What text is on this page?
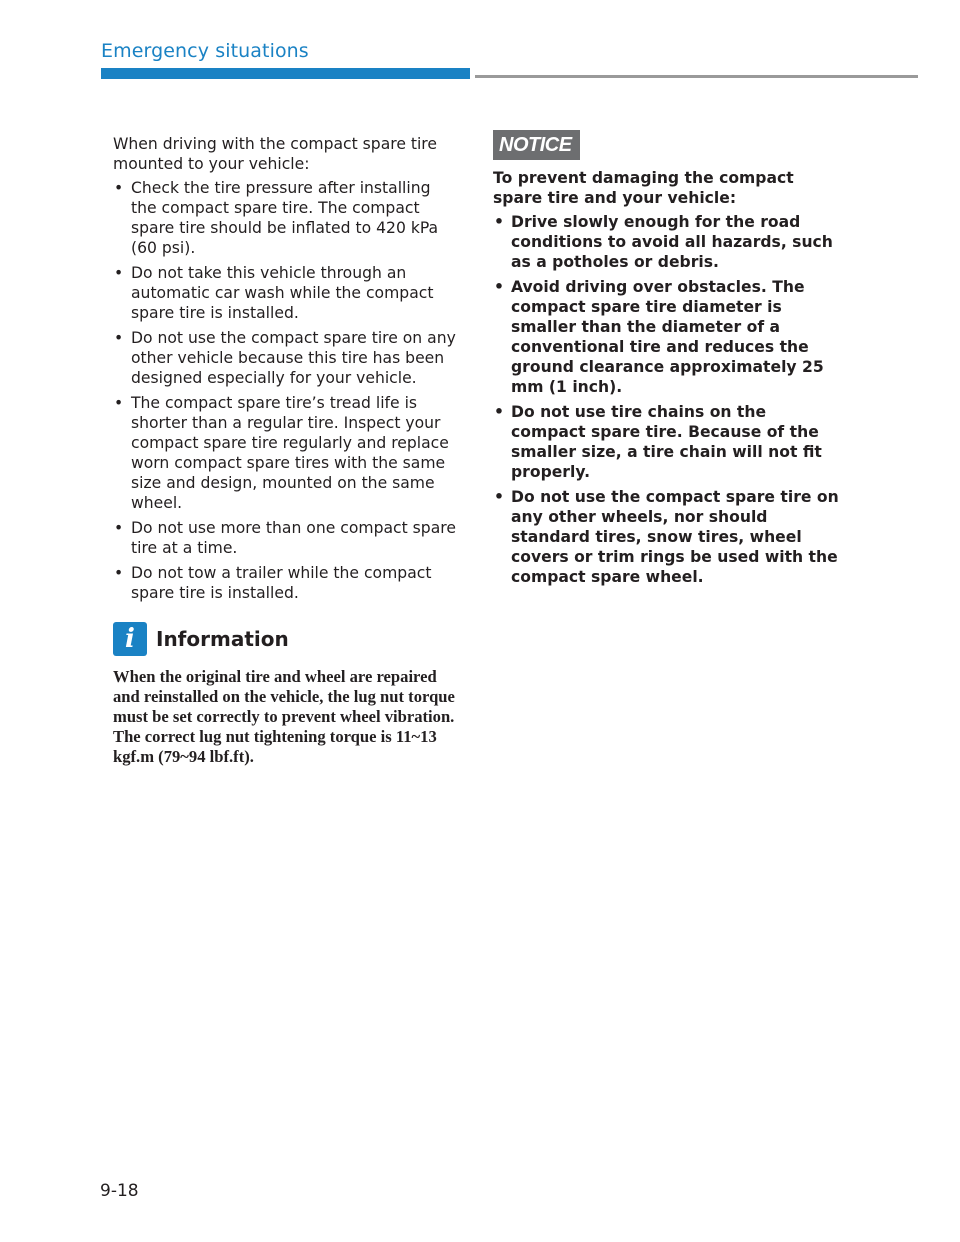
Emergency situations

When driving with the compact spare tire mounted to your vehicle:

• Check the tire pressure after installing the compact spare tire. The compact spare tire should be inflated to 420 kPa (60 psi).
• Do not take this vehicle through an automatic car wash while the compact spare tire is installed.
• Do not use the compact spare tire on any other vehicle because this tire has been designed especially for your vehicle.
• The compact spare tire’s tread life is shorter than a regular tire. Inspect your compact spare tire regularly and replace worn compact spare tires with the same size and design, mounted on the same wheel.
• Do not use more than one compact spare tire at a time.
• Do not tow a trailer while the compact spare tire is installed.
i	Information
When the original tire and wheel are repaired and reinstalled on the vehicle, the lug nut torque must be set correctly to prevent wheel vibration. The correct lug nut tightening torque is 11~13 kgf.m (79~94 lbf.ft).
NOTICE
To prevent damaging the compact spare tire and your vehicle:
• Drive slowly enough for the road conditions to avoid all hazards, such as a potholes or debris.
• Avoid driving over obstacles. The compact spare tire diameter is smaller than the diameter of a conventional tire and reduces the ground clearance approximately 25 mm (1 inch).
• Do not use tire chains on the compact spare tire. Because of the smaller size, a tire chain will not fit properly.
• Do not use the compact spare tire on any other wheels, nor should standard tires, snow tires, wheel covers or trim rings be used with the compact spare wheel.
9-18
